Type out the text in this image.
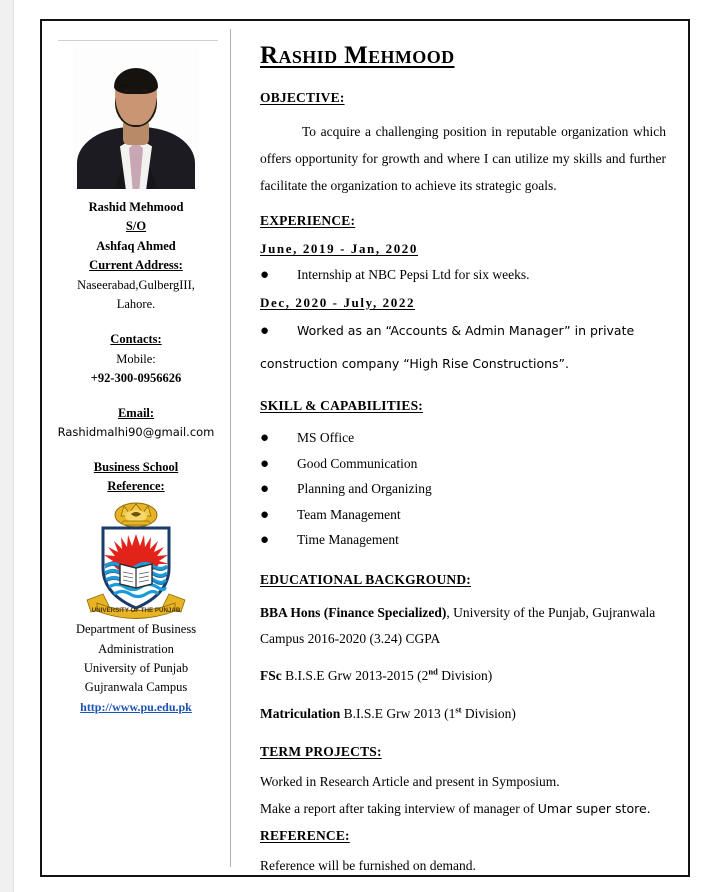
Rashid Mehmood

S/O

Ashfaq Ahmed

Current Address:

Naseerabad,GulbergIII,

Lahore.

Contacts:

Mobile:

+92-300-0956626

Email:

Rashidmalhi90@gmail.com

Business School

Reference:

UNIVERSITY OF THE PUNJAB

Department of Business

Administration

University of Punjab

Gujranwala Campus

http://www.pu.edu.pk

Rashid Mehmood
OBJECTIVE:

To acquire a challenging position in reputable organization which offers opportunity for growth and where I can utilize my skills and further facilitate the organization to achieve its strategic goals.

EXPERIENCE:

June, 2019 - Jan, 2020

●	Internship at NBC Pepsi Ltd for six weeks.

Dec, 2020 - July, 2022

●	Worked as an “Accounts & Admin Manager” in private

construction company “High Rise Constructions”.

SKILL & CAPABILITIES:
●	MS Office
●	Good Communication
●	Planning and Organizing
●	Team Management
●	Time Management
EDUCATIONAL BACKGROUND:

BBA Hons (Finance Specialized), University of the Punjab, Gujranwala Campus 2016-2020 (3.24) CGPA

FSc B.I.S.E Grw 2013-2015 (2nd Division)

Matriculation B.I.S.E Grw 2013 (1st Division)

TERM PROJECTS:

Worked in Research Article and present in Symposium.

Make a report after taking interview of manager of Umar super store.

REFERENCE:

Reference will be furnished on demand.
